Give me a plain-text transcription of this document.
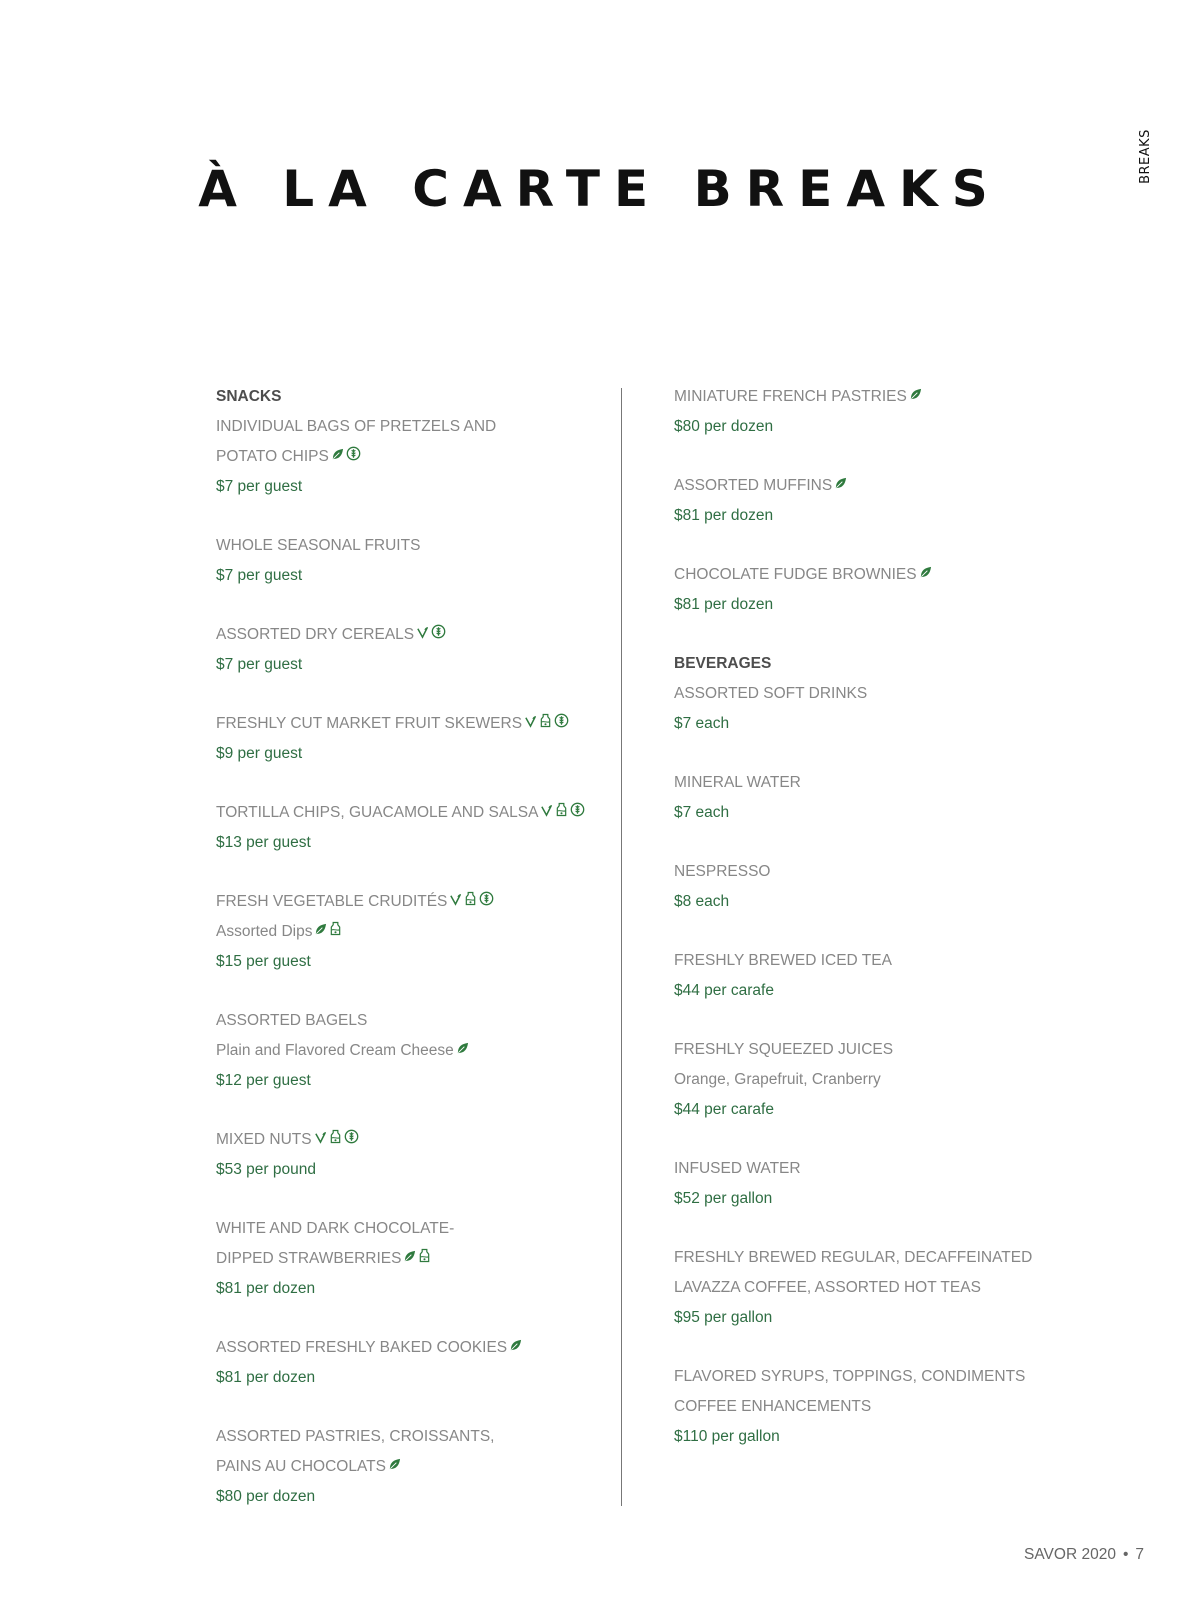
BREAKS
À LA CARTE BREAKS
SNACKS
INDIVIDUAL BAGS OF PRETZELS AND
POTATO CHIPS
$7 per guest
WHOLE SEASONAL FRUITS
$7 per guest
ASSORTED DRY CEREALS
$7 per guest
FRESHLY CUT MARKET FRUIT SKEWERS
$9 per guest
TORTILLA CHIPS, GUACAMOLE AND SALSA
$13 per guest
FRESH VEGETABLE CRUDITÉS
Assorted Dips
$15 per guest
ASSORTED BAGELS
Plain and Flavored Cream Cheese
$12 per guest
MIXED NUTS
$53 per pound
WHITE AND DARK CHOCOLATE-
DIPPED STRAWBERRIES
$81 per dozen
ASSORTED FRESHLY BAKED COOKIES
$81 per dozen
ASSORTED PASTRIES, CROISSANTS,
PAINS AU CHOCOLATS
$80 per dozen
MINIATURE FRENCH PASTRIES
$80 per dozen
ASSORTED MUFFINS
$81 per dozen
CHOCOLATE FUDGE BROWNIES
$81 per dozen
BEVERAGES
ASSORTED SOFT DRINKS
$7 each
MINERAL WATER
$7 each
NESPRESSO
$8 each
FRESHLY BREWED ICED TEA
$44 per carafe
FRESHLY SQUEEZED JUICES
Orange, Grapefruit, Cranberry
$44 per carafe
INFUSED WATER
$52 per gallon
FRESHLY BREWED REGULAR, DECAFFEINATED
LAVAZZA COFFEE, ASSORTED HOT TEAS
$95 per gallon
FLAVORED SYRUPS, TOPPINGS, CONDIMENTS
COFFEE ENHANCEMENTS
$110 per gallon
SAVOR 2020 • 7
